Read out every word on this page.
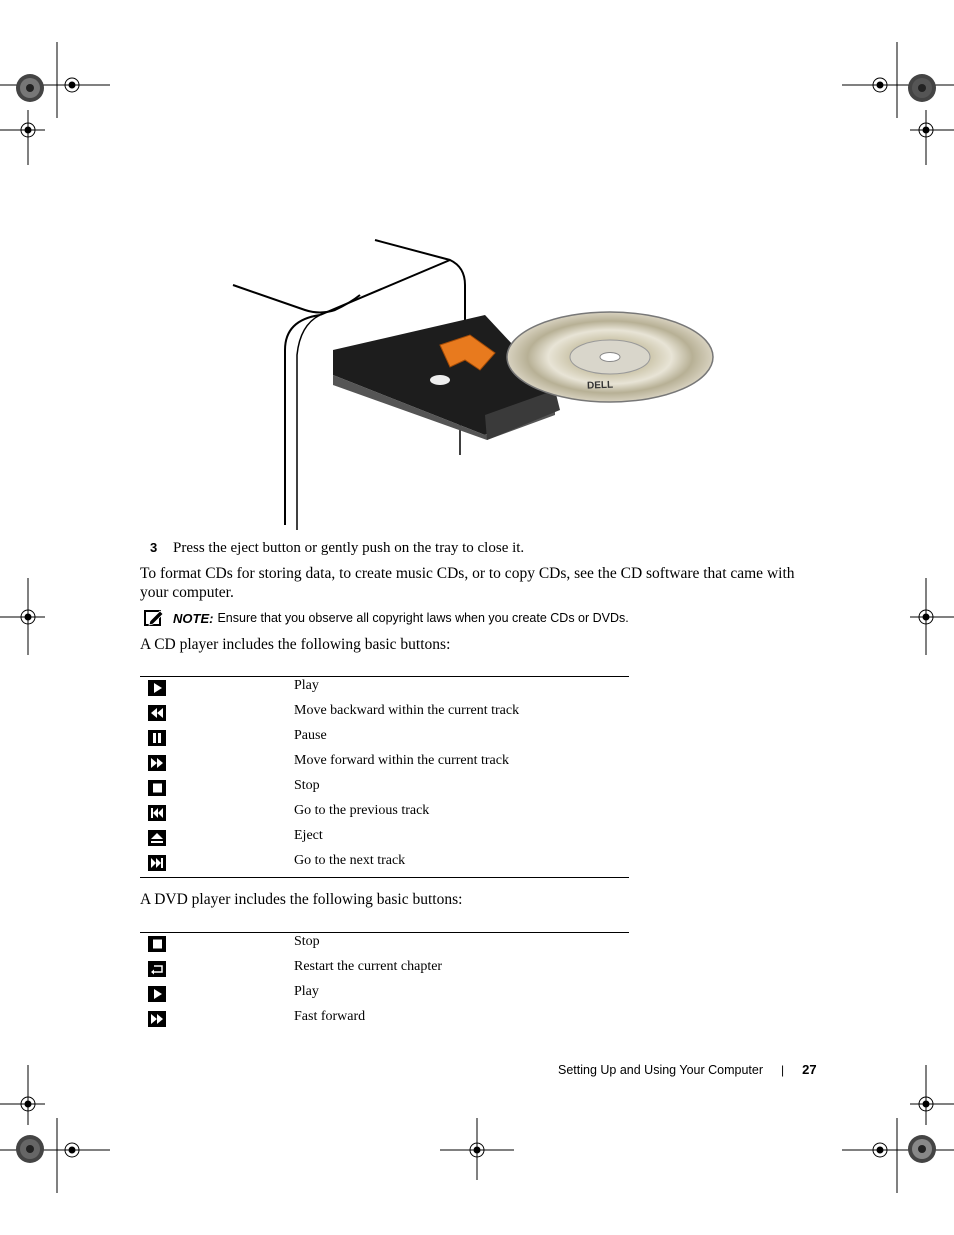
DELL
3 Press the eject button or gently push on the tray to close it.
To format CDs for storing data, to create music CDs, or to copy CDs, see the CD software that came with your computer.
NOTE: Ensure that you observe all copyright laws when you create CDs or DVDs.
A CD player includes the following basic buttons:
Play
Move backward within the current track
Pause
Move forward within the current track
Stop
Go to the previous track
Eject
Go to the next track
A DVD player includes the following basic buttons:
Stop
Restart the current chapter
Play
Fast forward
Setting Up and Using Your Computer | 27
